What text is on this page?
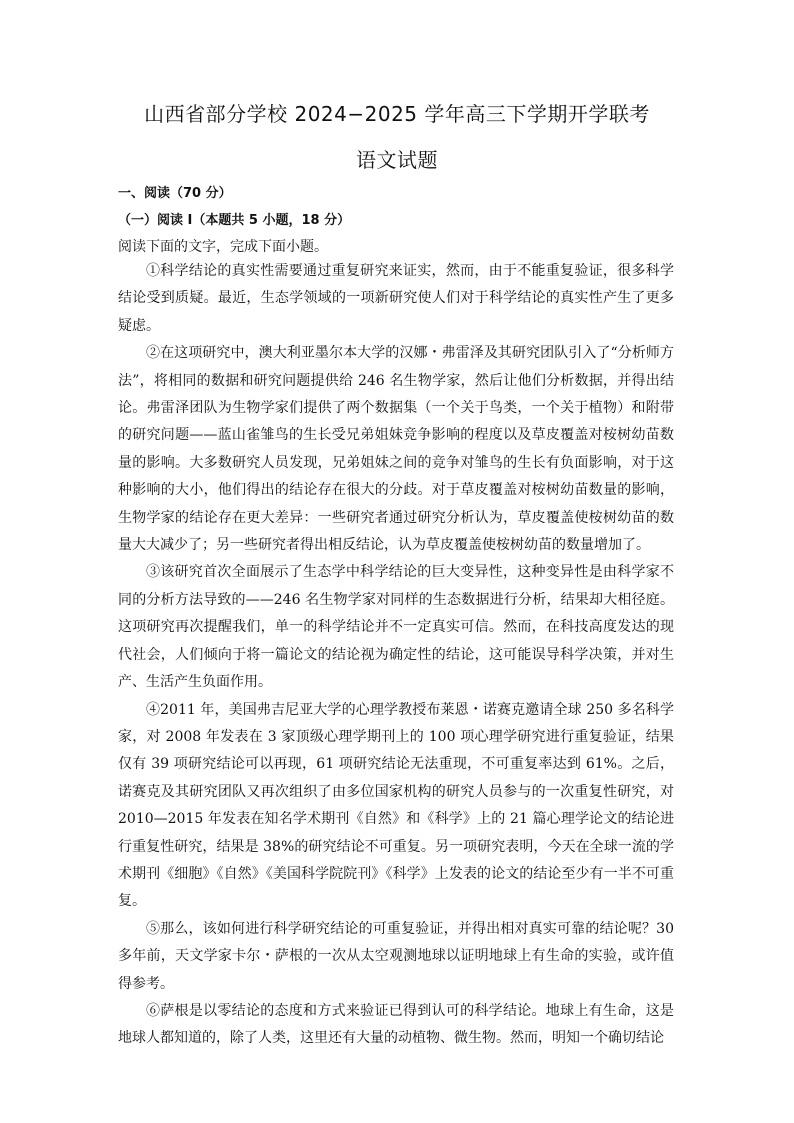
山西省部分学校 2024−2025 学年高三下学期开学联考
语文试题
一、阅读（70 分）
（一）阅读 I（本题共 5 小题，18 分）
阅读下面的文字，完成下面小题。

①科学结论的真实性需要通过重复研究来证实，然而，由于不能重复验证，很多科学结论受到质疑。最近，生态学领域的一项新研究使人们对于科学结论的真实性产生了更多疑虑。

②在这项研究中，澳大利亚墨尔本大学的汉娜・弗雷泽及其研究团队引入了“分析师方法”，将相同的数据和研究问题提供给 246 名生物学家，然后让他们分析数据，并得出结论。弗雷泽团队为生物学家们提供了两个数据集（一个关于鸟类，一个关于植物）和附带的研究问题——蓝山雀雏鸟的生长受兄弟姐妹竞争影响的程度以及草皮覆盖对桉树幼苗数量的影响。大多数研究人员发现，兄弟姐妹之间的竞争对雏鸟的生长有负面影响，对于这种影响的大小，他们得出的结论存在很大的分歧。对于草皮覆盖对桉树幼苗数量的影响，生物学家的结论存在更大差异：一些研究者通过研究分析认为，草皮覆盖使桉树幼苗的数量大大减少了；另一些研究者得出相反结论，认为草皮覆盖使桉树幼苗的数量增加了。

③该研究首次全面展示了生态学中科学结论的巨大变异性，这种变异性是由科学家不同的分析方法导致的——246 名生物学家对同样的生态数据进行分析，结果却大相径庭。这项研究再次提醒我们，单一的科学结论并不一定真实可信。然而，在科技高度发达的现代社会，人们倾向于将一篇论文的结论视为确定性的结论，这可能误导科学决策，并对生产、生活产生负面作用。

④2011 年，美国弗吉尼亚大学的心理学教授布莱恩・诺赛克邀请全球 250 多名科学家，对 2008 年发表在 3 家顶级心理学期刊上的 100 项心理学研究进行重复验证，结果仅有 39 项研究结论可以再现，61 项研究结论无法重现，不可重复率达到 61%。之后，诺赛克及其研究团队又再次组织了由多位国家机构的研究人员参与的一次重复性研究，对 2010—2015 年发表在知名学术期刊《自然》和《科学》上的 21 篇心理学论文的结论进行重复性研究，结果是 38%的研究结论不可重复。另一项研究表明，今天在全球一流的学术期刊《细胞》《自然》《美国科学院院刊》《科学》上发表的论文的结论至少有一半不可重复。

⑤那么，该如何进行科学研究结论的可重复验证，并得出相对真实可靠的结论呢？30 多年前，天文学家卡尔・萨根的一次从太空观测地球以证明地球上有生命的实验，或许值得参考。

⑥萨根是以零结论的态度和方式来验证已得到认可的科学结论。地球上有生命，这是地球人都知道的，除了人类，这里还有大量的动植物、微生物。然而，明知一个确切结论
